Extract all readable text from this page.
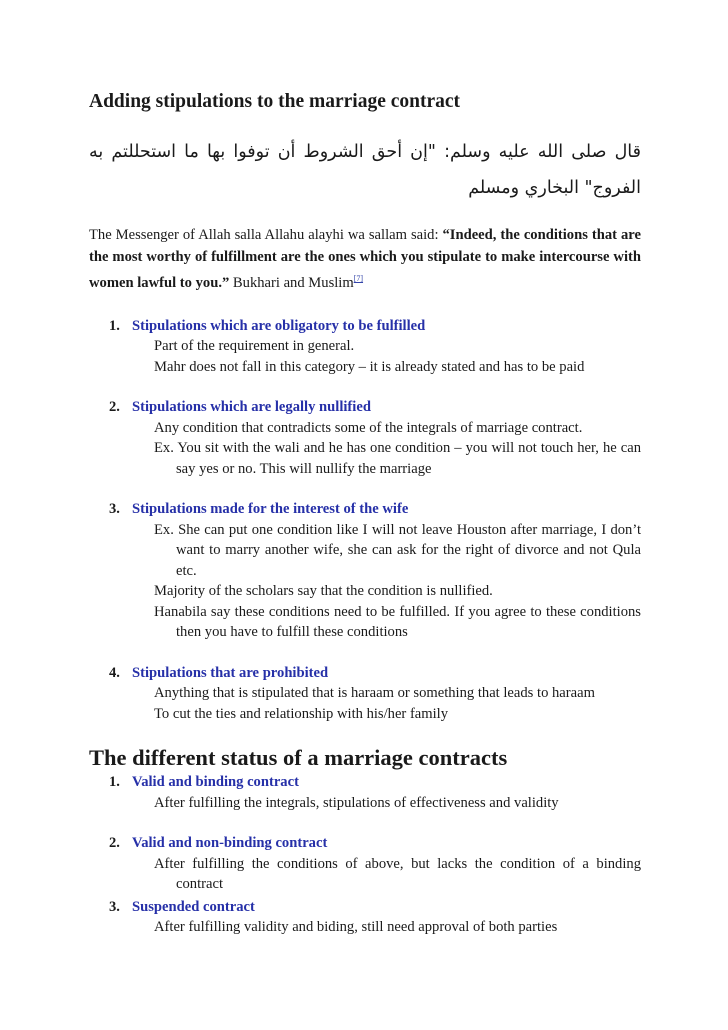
Adding stipulations to the marriage contract
قال صلى الله عليه وسلم: "إن أحق الشروط أن توفوا بها ما استحللتم به الفروج" البخاري ومسلم
The Messenger of Allah salla Allahu alayhi wa sallam said: “Indeed, the conditions that are the most worthy of fulfillment are the ones which you stipulate to make intercourse with women lawful to you.” Bukhari and Muslim[7]
1. Stipulations which are obligatory to be fulfilled
Part of the requirement in general.
Mahr does not fall in this category – it is already stated and has to be paid
2. Stipulations which are legally nullified
Any condition that contradicts some of the integrals of marriage contract.
Ex. You sit with the wali and he has one condition – you will not touch her, he can say yes or no. This will nullify the marriage
3. Stipulations made for the interest of the wife
Ex. She can put one condition like I will not leave Houston after marriage, I don’t want to marry another wife, she can ask for the right of divorce and not Qula etc.
Majority of the scholars say that the condition is nullified.
Hanabila say these conditions need to be fulfilled. If you agree to these conditions then you have to fulfill these conditions
4. Stipulations that are prohibited
Anything that is stipulated that is haraam or something that leads to haraam
To cut the ties and relationship with his/her family
The different status of a marriage contracts
1. Valid and binding contract
After fulfilling the integrals, stipulations of effectiveness and validity
2. Valid and non-binding contract
After fulfilling the conditions of above, but lacks the condition of a binding contract
3. Suspended contract
After fulfilling validity and biding, still need approval of both parties
